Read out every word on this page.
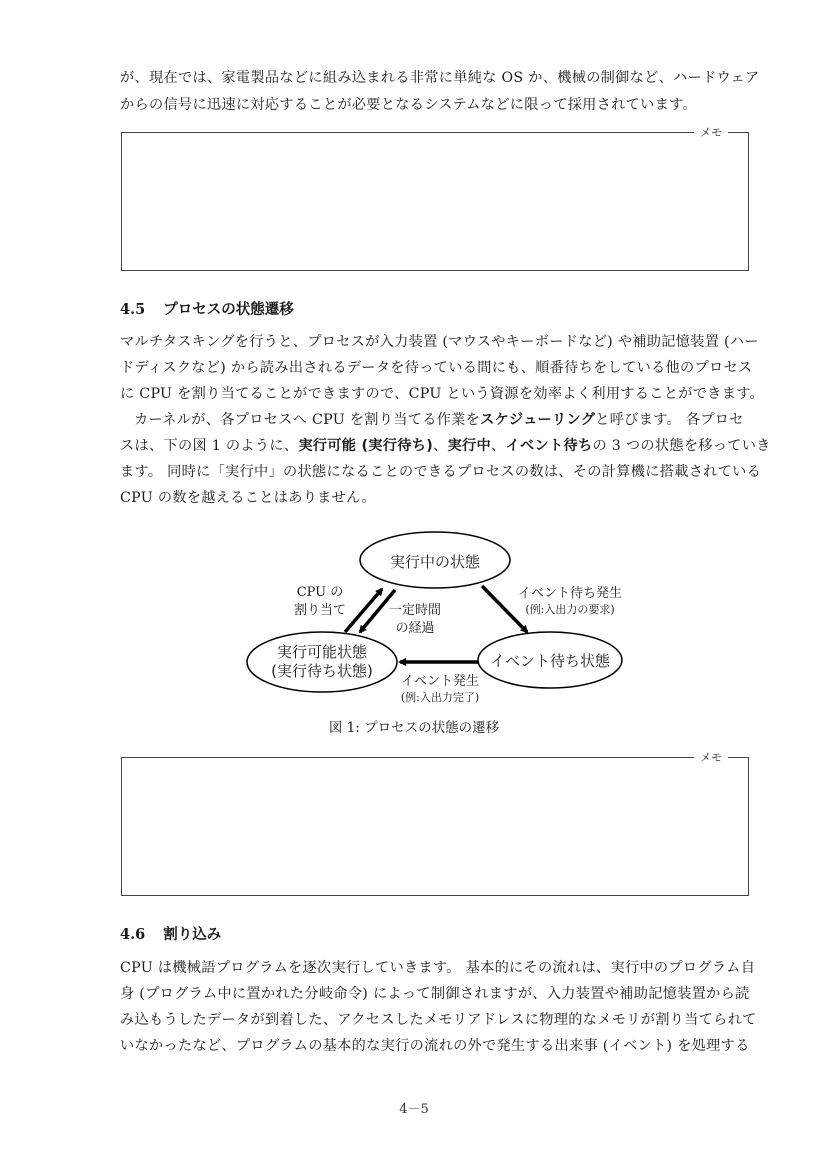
が、現在では、家電製品などに組み込まれる非常に単純な OS か、機械の制御など、ハードウェア
からの信号に迅速に対応することが必要となるシステムなどに限って採用されています。
メモ
4.5 プロセスの状態遷移
マルチタスキングを行うと、プロセスが入力装置 (マウスやキーボードなど) や補助記憶装置 (ハー
ドディスクなど) から読み出されるデータを待っている間にも、順番待ちをしている他のプロセス
に CPU を割り当てることができますので、CPU という資源を効率よく利用することができます。
カーネルが、各プロセスへ CPU を割り当てる作業をスケジューリングと呼びます。 各プロセ
スは、下の図 1 のように、実行可能 (実行待ち)、実行中、イベント待ちの 3 つの状態を移っていき
ます。 同時に「実行中」の状態になることのできるプロセスの数は、その計算機に搭載されている
CPU の数を越えることはありません。
実行中の状態
実行可能状態
(実行待ち状態)
イベント待ち状態
CPU の
割り当て	一定時間
の経過
イベント待ち発生
(例:入出力の要求)
イベント発生
(例:入出力完了)
図 1: プロセスの状態の遷移
メモ
4.6 割り込み
CPU は機械語プログラムを逐次実行していきます。 基本的にその流れは、実行中のプログラム自
身 (プログラム中に置かれた分岐命令) によって制御されますが、入力装置や補助記憶装置から読
み込もうしたデータが到着した、アクセスしたメモリアドレスに物理的なメモリが割り当てられて
いなかったなど、プログラムの基本的な実行の流れの外で発生する出来事 (イベント) を処理する
4－5
